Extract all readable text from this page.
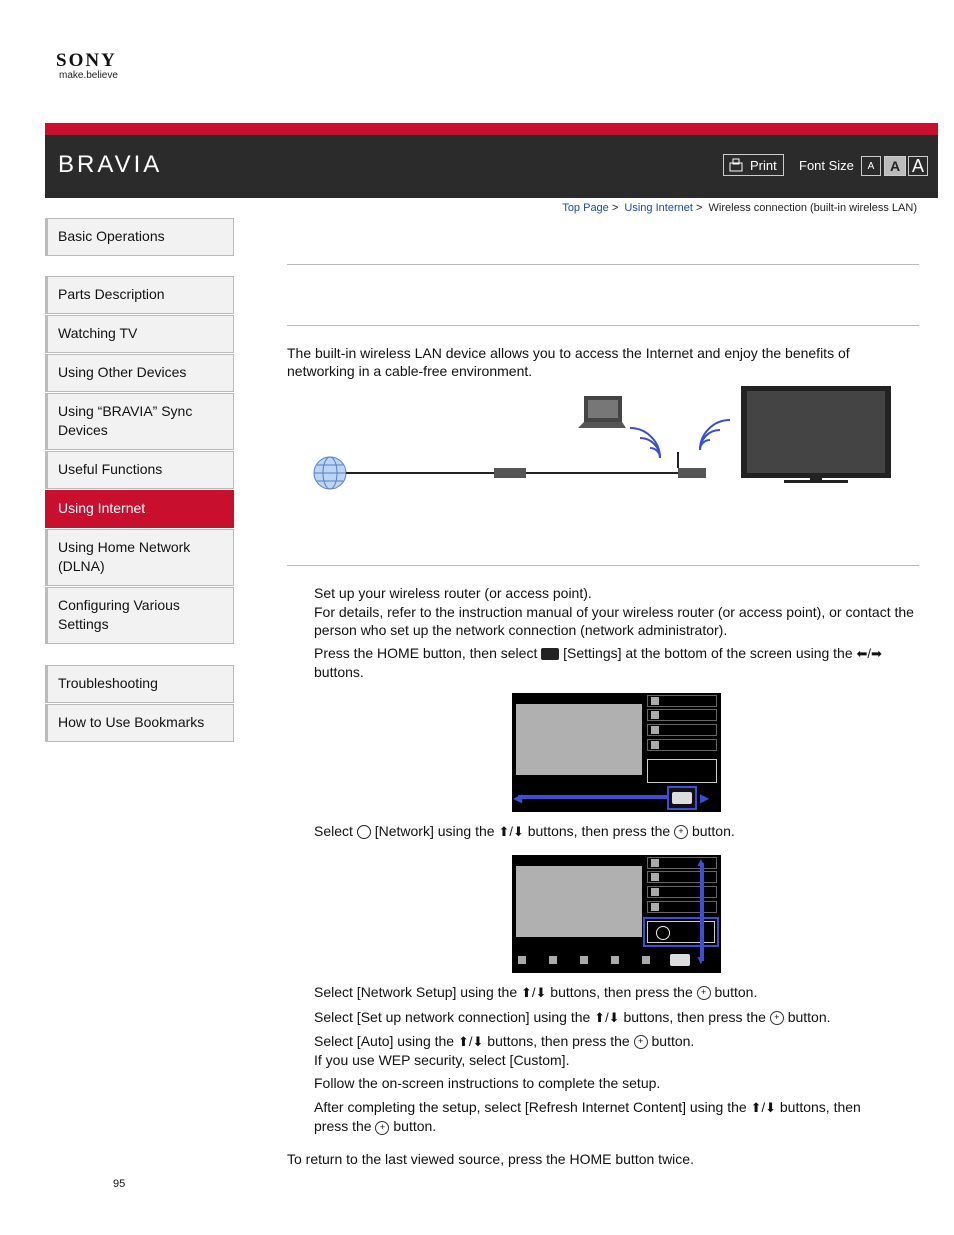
SONY
make.believe
BRAVIA	Print Font Size	A	A A
Top Page > Using Internet > Wireless connection (built-in wireless LAN)
Basic Operations
Parts Description
Watching TV
Using Other Devices
Using “BRAVIA” Sync Devices
Useful Functions
Using Internet
Using Home Network (DLNA)
Configuring Various Settings
Troubleshooting
How to Use Bookmarks
The built-in wireless LAN device allows you to access the Internet and enjoy the benefits of networking in a cable-free environment.
Set up your wireless router (or access point).
For details, refer to the instruction manual of your wireless router (or access point), or contact the person who set up the network connection (network administrator).
Press the HOME button, then select [Settings] at the bottom of the screen using the ⬅/➡
buttons.
◀	▶
Select [Network] using the ⬆/⬇ buttons, then press the + button.
▲
▼
Select [Network Setup] using the ⬆/⬇ buttons, then press the + button.
Select [Set up network connection] using the ⬆/⬇ buttons, then press the + button.
Select [Auto] using the ⬆/⬇ buttons, then press the + button.
If you use WEP security, select [Custom].
Follow the on-screen instructions to complete the setup.
After completing the setup, select [Refresh Internet Content] using the ⬆/⬇ buttons, then
press the + button.
To return to the last viewed source, press the HOME button twice.
95
